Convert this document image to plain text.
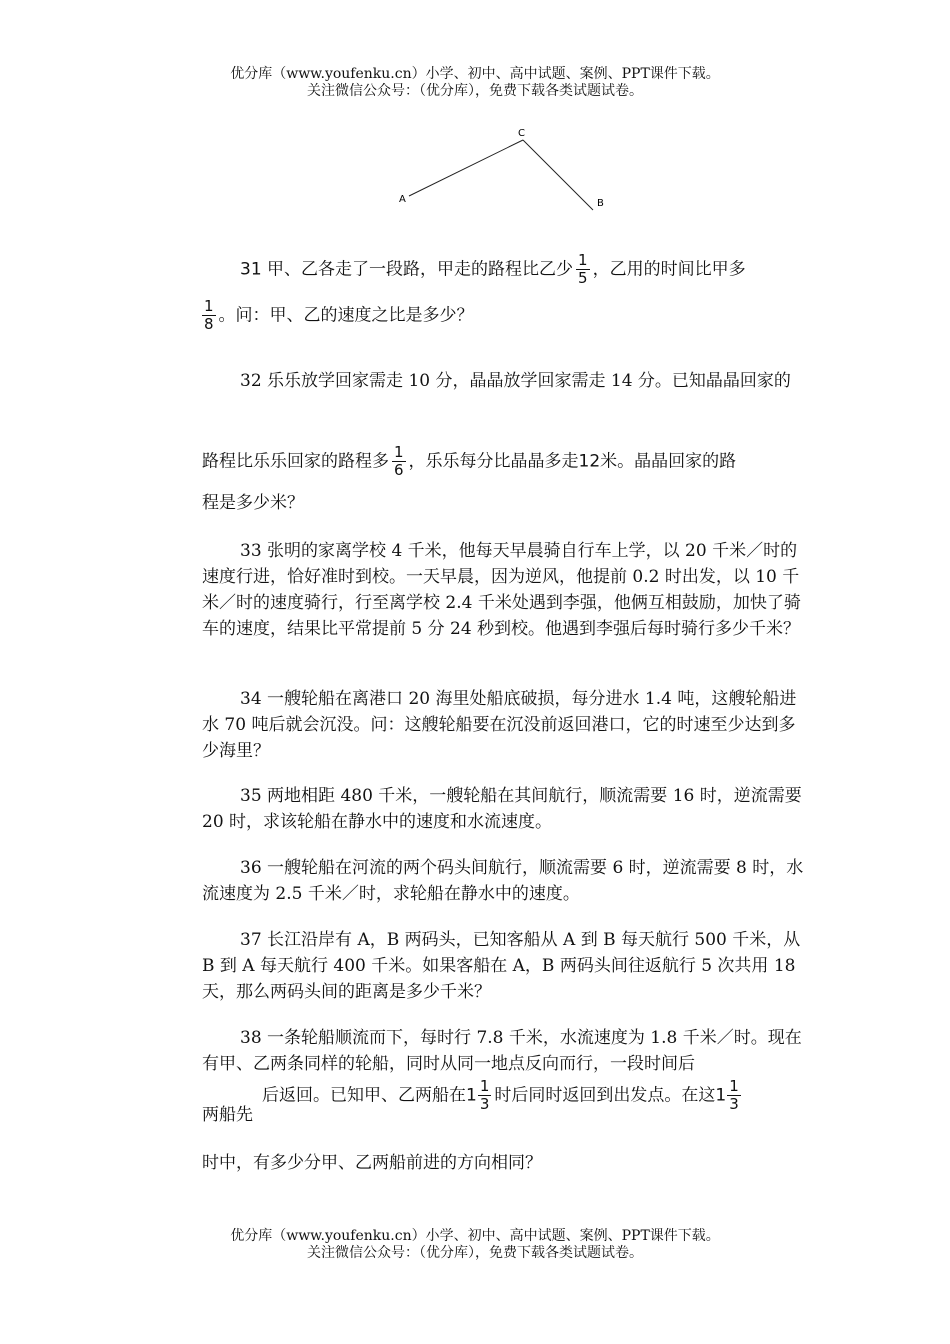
优分库（www.youfenku.cn）小学、初中、高中试题、案例、PPT课件下载。
关注微信公众号：（优分库），免费下载各类试题试卷。
A
C
B
31 甲、乙各走了一段路，甲走的路程比乙少 $\frac{1}{5}$ ，乙用的时间比甲多
$\frac{1}{8}$ 。问：甲、乙的速度之比是多少？
32 乐乐放学回家需走 10 分，晶晶放学回家需走 14 分。已知晶晶回家的
路程比乐乐回家的路程多 $\frac{1}{6}$ ，乐乐每分比晶晶多走12米。晶晶回家的路
程是多少米？
33 张明的家离学校 4 千米，他每天早晨骑自行车上学，以 20 千米／时的速度行进，恰好准时到校。一天早晨，因为逆风，他提前 0.2 时出发，以 10 千米／时的速度骑行，行至离学校 2.4 千米处遇到李强，他俩互相鼓励，加快了骑车的速度，结果比平常提前 5 分 24 秒到校。他遇到李强后每时骑行多少千米？
34 一艘轮船在离港口 20 海里处船底破损，每分进水 1.4 吨，这艘轮船进水 70 吨后就会沉没。问：这艘轮船要在沉没前返回港口，它的时速至少达到多少海里？
35 两地相距 480 千米，一艘轮船在其间航行，顺流需要 16 时，逆流需要 20 时，求该轮船在静水中的速度和水流速度。
36 一艘轮船在河流的两个码头间航行，顺流需要 6 时，逆流需要 8 时，水流速度为 2.5 千米／时，求轮船在静水中的速度。
37 长江沿岸有 A，B 两码头，已知客船从 A 到 B 每天航行 500 千米，从 B 到 A 每天航行 400 千米。如果客船在 A，B 两码头间往返航行 5 次共用 18 天，那么两码头间的距离是多少千米？
38 一条轮船顺流而下，每时行 7.8 千米，水流速度为 1.8 千米／时。现在有甲、乙两条同样的轮船，同时从同一地点反向而行，一段时间后
后返回。已知甲、乙两船在$1 \frac{1}{3}$ 时后同时返回到出发点。在这$1 \frac{1}{3}$
两船先
时中，有多少分甲、乙两船前进的方向相同？
优分库（www.youfenku.cn）小学、初中、高中试题、案例、PPT课件下载。
关注微信公众号：（优分库），免费下载各类试题试卷。
